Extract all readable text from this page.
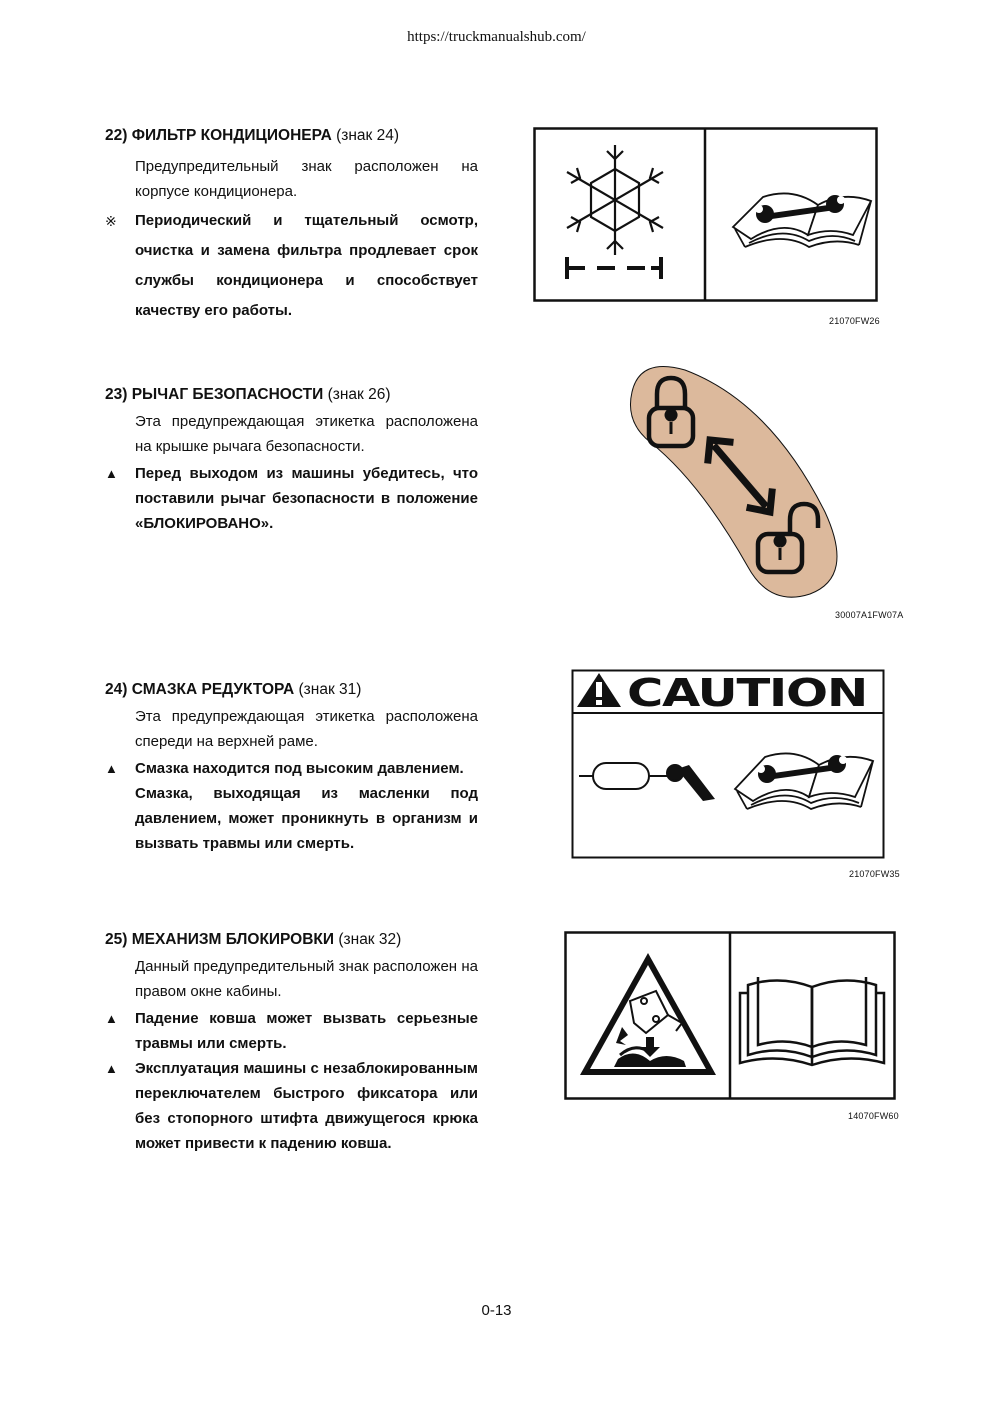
https://truckmanualshub.com/

22) ФИЛЬТР КОНДИЦИОНЕРА (знак 24)

Предупредительный знак расположен на корпусе кондиционера.
※	Периодический и тщательный осмотр, очистка и замена фильтра продлевает срок службы кондиционера и способствует качеству его работы.
21070FW26

23) РЫЧАГ БЕЗОПАСНОСТИ (знак 26)

Эта предупреждающая этикетка расположена на крышке рычага безопасности.
▲	Перед выходом из машины убедитесь, что поставили рычаг безопасности в положение «БЛОКИРОВАНО».
30007A1FW07A

24) СМАЗКА РЕДУКТОРА (знак 31)

Эта предупреждающая этикетка расположена спереди на верхней раме.
▲	Смазка находится под высоким давлением.
Смазка, выходящая из масленки под давлением, может проникнуть в организм и вызвать травмы или смерть.
CAUTION
21070FW35

25) МЕХАНИЗМ БЛОКИРОВКИ (знак 32)

Данный предупредительный знак расположен на правом окне кабины.
▲	Падение ковша может вызвать серьезные травмы или смерть.
▲	Эксплуатация машины с незаблокированным переключателем быстрого фиксатора или без стопорного штифта движущегося крюка может привести к падению ковша.
14070FW60
0-13
